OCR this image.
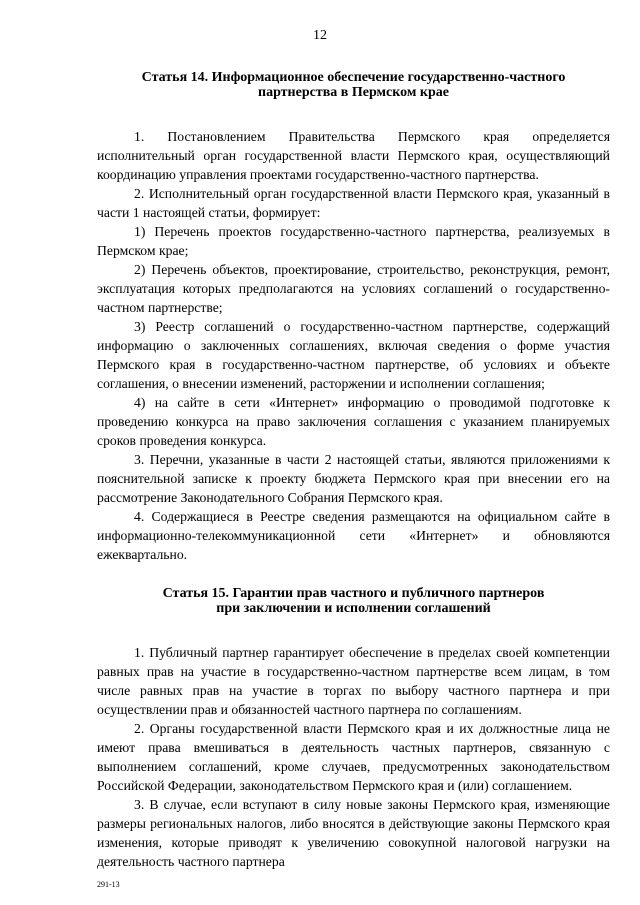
12
Статья 14. Информационное обеспечение государственно-частного
партнерства в Пермском крае

1. Постановлением Правительства Пермского края определяется исполнительный орган государственной власти Пермского края, осуществляющий координацию управления проектами государственно-частного партнерства.

2. Исполнительный орган государственной власти Пермского края, указанный в части 1 настоящей статьи, формирует:

1) Перечень проектов государственно-частного партнерства, реализуемых в Пермском крае;

2) Перечень объектов, проектирование, строительство, реконструкция, ремонт, эксплуатация которых предполагаются на условиях соглашений о государственно-частном партнерстве;

3) Реестр соглашений о государственно-частном партнерстве, содержащий информацию о заключенных соглашениях, включая сведения о форме участия Пермского края в государственно-частном партнерстве, об условиях и объекте соглашения, о внесении изменений, расторжении и исполнении соглашения;

4) на сайте в сети «Интернет» информацию о проводимой подготовке к проведению конкурса на право заключения соглашения с указанием планируемых сроков проведения конкурса.

3. Перечни, указанные в части 2 настоящей статьи, являются приложениями к пояснительной записке к проекту бюджета Пермского края при внесении его на рассмотрение Законодательного Собрания Пермского края.

4. Содержащиеся в Реестре сведения размещаются на официальном сайте в информационно-телекоммуникационной сети «Интернет» и обновляются ежеквартально.

Статья 15. Гарантии прав частного и публичного партнеров
при заключении и исполнении соглашений

1. Публичный партнер гарантирует обеспечение в пределах своей компетенции равных прав на участие в государственно-частном партнерстве всем лицам, в том числе равных прав на участие в торгах по выбору частного партнера и при осуществлении прав и обязанностей частного партнера по соглашениям.

2. Органы государственной власти Пермского края и их должностные лица не имеют права вмешиваться в деятельность частных партнеров, связанную с выполнением соглашений, кроме случаев, предусмотренных законодательством Российской Федерации, законодательством Пермского края и (или) соглашением.

3. В случае, если вступают в силу новые законы Пермского края, изменяющие размеры региональных налогов, либо вносятся в действующие законы Пермского края изменения, которые приводят к увеличению совокупной налоговой нагрузки на деятельность частного партнера

291-13
